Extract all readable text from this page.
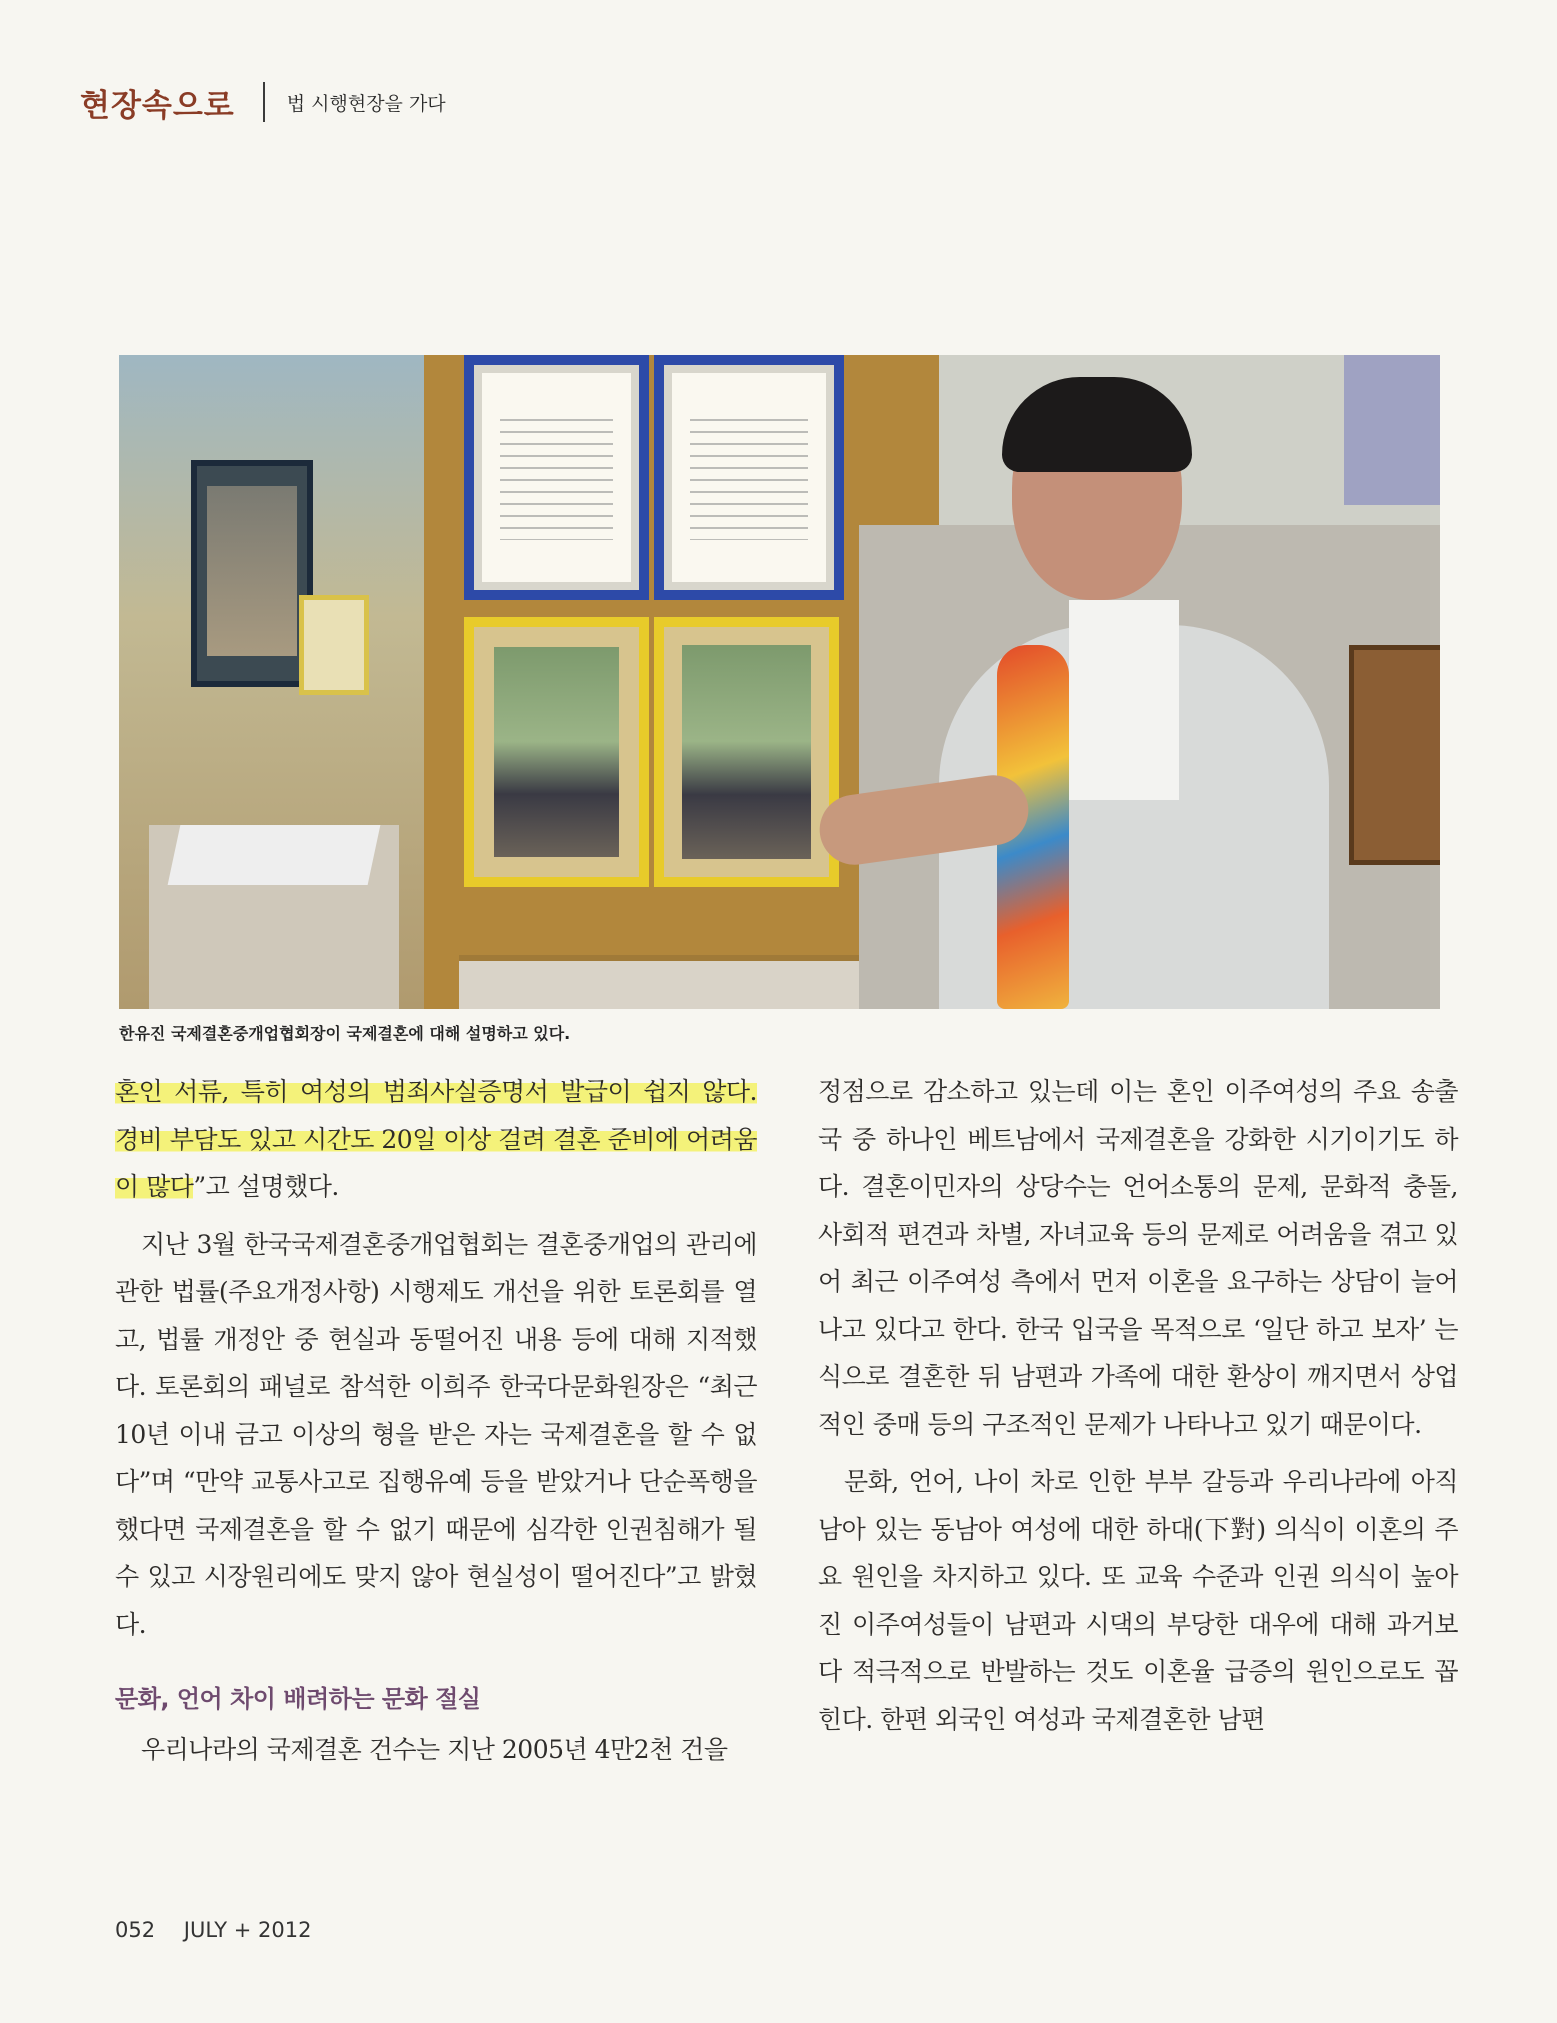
현장속으로	법 시행현장을 가다
한유진 국제결혼중개업협회장이 국제결혼에 대해 설명하고 있다.

혼인 서류, 특히 여성의 범죄사실증명서 발급이 쉽지 않다. 경비 부담도 있고 시간도 20일 이상 걸려 결혼 준비에 어려움이 많다”고 설명했다.

지난 3월 한국국제결혼중개업협회는 결혼중개업의 관리에 관한 법률(주요개정사항) 시행제도 개선을 위한 토론회를 열고, 법률 개정안 중 현실과 동떨어진 내용 등에 대해 지적했다. 토론회의 패널로 참석한 이희주 한국다문화원장은 “최근 10년 이내 금고 이상의 형을 받은 자는 국제결혼을 할 수 없다”며 “만약 교통사고로 집행유예 등을 받았거나 단순폭행을 했다면 국제결혼을 할 수 없기 때문에 심각한 인권침해가 될 수 있고 시장원리에도 맞지 않아 현실성이 떨어진다”고 밝혔다.

문화, 언어 차이 배려하는 문화 절실

우리나라의 국제결혼 건수는 지난 2005년 4만2천 건을

정점으로 감소하고 있는데 이는 혼인 이주여성의 주요 송출국 중 하나인 베트남에서 국제결혼을 강화한 시기이기도 하다. 결혼이민자의 상당수는 언어소통의 문제, 문화적 충돌, 사회적 편견과 차별, 자녀교육 등의 문제로 어려움을 겪고 있어 최근 이주여성 측에서 먼저 이혼을 요구하는 상담이 늘어나고 있다고 한다. 한국 입국을 목적으로 ‘일단 하고 보자’ 는 식으로 결혼한 뒤 남편과 가족에 대한 환상이 깨지면서 상업적인 중매 등의 구조적인 문제가 나타나고 있기 때문이다.

문화, 언어, 나이 차로 인한 부부 갈등과 우리나라에 아직 남아 있는 동남아 여성에 대한 하대(下對) 의식이 이혼의 주요 원인을 차지하고 있다. 또 교육 수준과 인권 의식이 높아진 이주여성들이 남편과 시댁의 부당한 대우에 대해 과거보다 적극적으로 반발하는 것도 이혼율 급증의 원인으로도 꼽힌다. 한편 외국인 여성과 국제결혼한 남편

052 JULY + 2012
